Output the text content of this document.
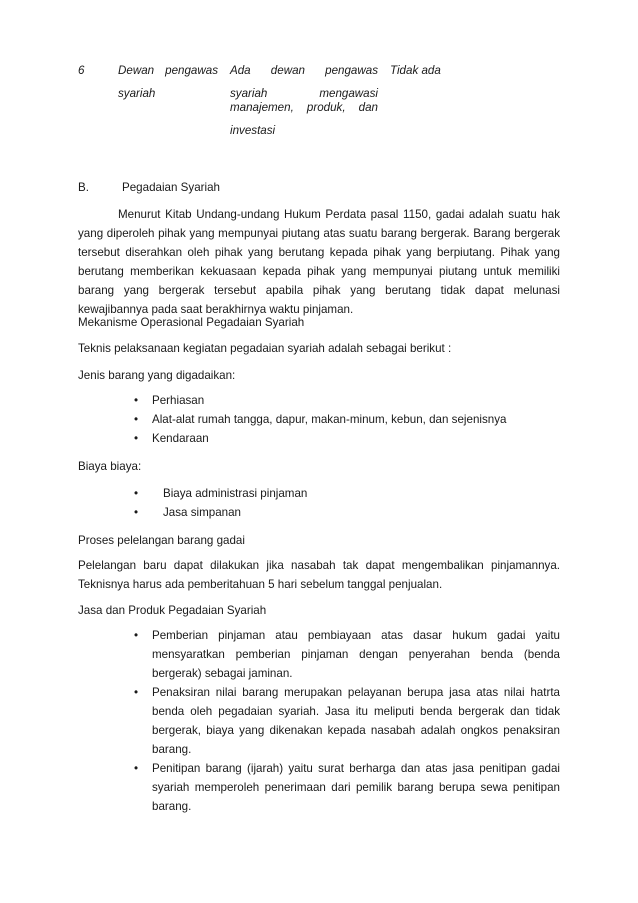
6	Dewan pengawas
syariah
Ada dewan pengawas
syariah mengawasi
manajemen, produk, dan
investasi
Tidak ada
B.	Pegadaian Syariah
Menurut Kitab Undang-undang Hukum Perdata pasal 1150, gadai adalah suatu hak
yang diperoleh pihak yang mempunyai piutang atas suatu barang bergerak. Barang bergerak
tersebut diserahkan oleh pihak yang berutang kepada pihak yang berpiutang. Pihak yang
berutang memberikan kekuasaan kepada pihak yang mempunyai piutang untuk memiliki
barang yang bergerak tersebut apabila pihak yang berutang tidak dapat melunasi
kewajibannya pada saat berakhirnya waktu pinjaman.
Mekanisme Operasional Pegadaian Syariah
Teknis pelaksanaan kegiatan pegadaian syariah adalah sebagai berikut :
Jenis barang yang digadaikan:
• Perhiasan
• Alat-alat rumah tangga, dapur, makan-minum, kebun, dan sejenisnya
• Kendaraan
Biaya biaya:
• Biaya administrasi pinjaman
• Jasa simpanan
Proses pelelangan barang gadai
Pelelangan baru dapat dilakukan jika nasabah tak dapat mengembalikan pinjamannya.
Teknisnya harus ada pemberitahuan 5 hari sebelum tanggal penjualan.
Jasa dan Produk Pegadaian Syariah
• Pemberian pinjaman atau pembiayaan atas dasar hukum gadai yaitu
mensyaratkan pemberian pinjaman dengan penyerahan benda (benda
bergerak) sebagai jaminan.
• Penaksiran nilai barang merupakan pelayanan berupa jasa atas nilai hatrta
benda oleh pegadaian syariah. Jasa itu meliputi benda bergerak dan tidak
bergerak, biaya yang dikenakan kepada nasabah adalah ongkos penaksiran
barang.
• Penitipan barang (ijarah) yaitu surat berharga dan atas jasa penitipan gadai
syariah memperoleh penerimaan dari pemilik barang berupa sewa penitipan
barang.
